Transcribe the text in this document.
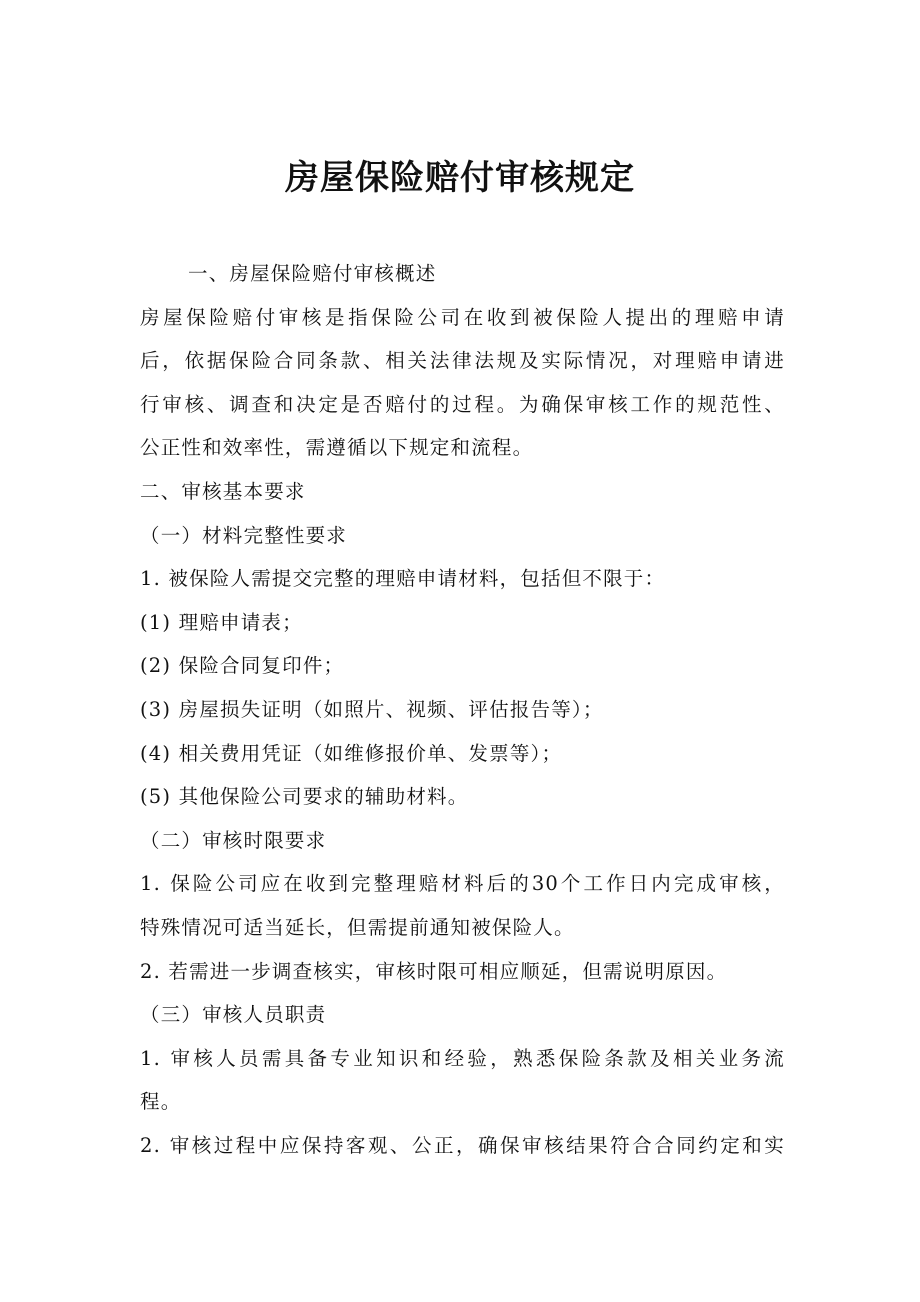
房屋保险赔付审核规定
一、房屋保险赔付审核概述
房屋保险赔付审核是指保险公司在收到被保险人提出的理赔申请
后，依据保险合同条款、相关法律法规及实际情况，对理赔申请进
行审核、调查和决定是否赔付的过程。为确保审核工作的规范性、
公正性和效率性，需遵循以下规定和流程。
二、审核基本要求
（一）材料完整性要求
1. 被保险人需提交完整的理赔申请材料，包括但不限于：
(1) 理赔申请表；
(2) 保险合同复印件；
(3) 房屋损失证明（如照片、视频、评估报告等）；
(4) 相关费用凭证（如维修报价单、发票等）；
(5) 其他保险公司要求的辅助材料。
（二）审核时限要求
1. 保险公司应在收到完整理赔材料后的30个工作日内完成审核，
特殊情况可适当延长，但需提前通知被保险人。
2. 若需进一步调查核实，审核时限可相应顺延，但需说明原因。
（三）审核人员职责
1. 审核人员需具备专业知识和经验，熟悉保险条款及相关业务流
程。
2. 审核过程中应保持客观、公正，确保审核结果符合合同约定和实
